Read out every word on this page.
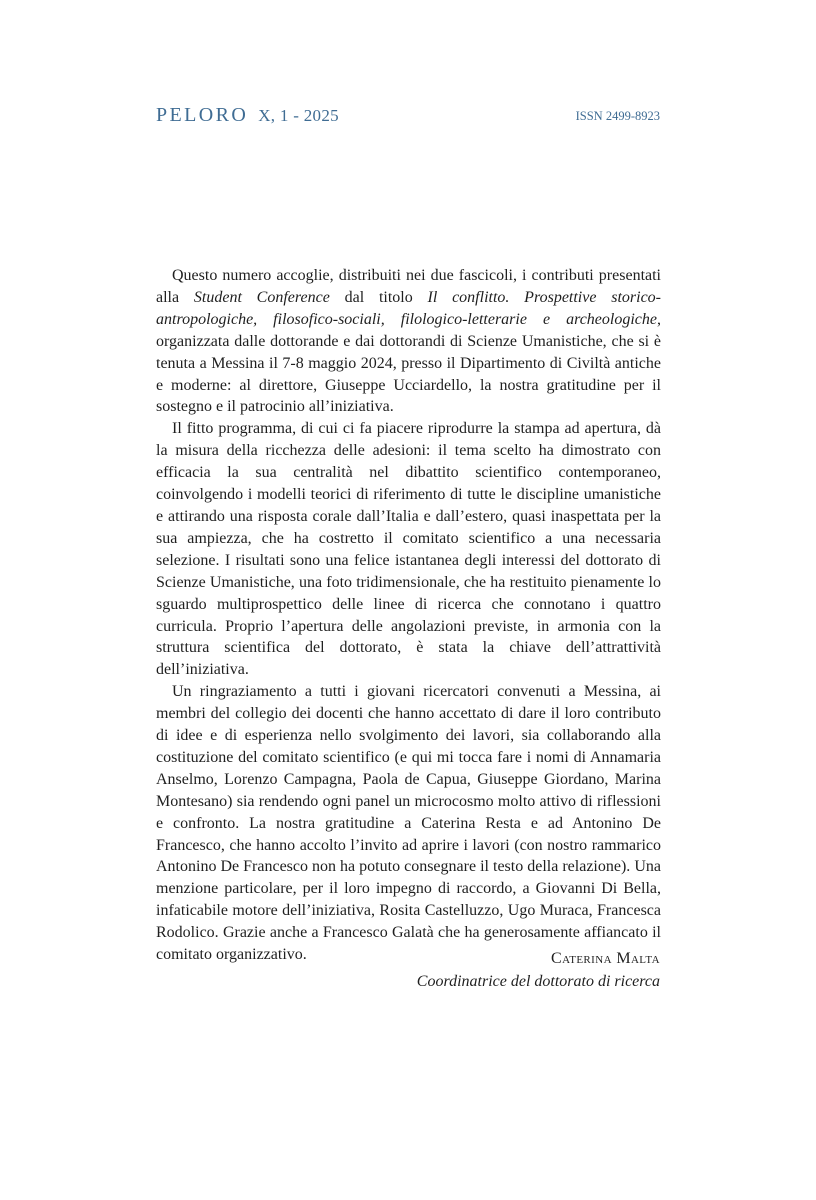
PELORO X, 1 - 2025	ISSN 2499-8923

Questo numero accoglie, distribuiti nei due fascicoli, i contributi presentati alla Student Conference dal titolo Il conflitto. Prospettive storico-antropologiche, filosofico-sociali, filologico-letterarie e archeologiche, organizzata dalle dottorande e dai dottorandi di Scienze Umanistiche, che si è tenuta a Messina il 7-8 maggio 2024, presso il Dipartimento di Civiltà antiche e moderne: al direttore, Giuseppe Ucciardello, la nostra gratitudine per il sostegno e il patrocinio all’iniziativa.

Il fitto programma, di cui ci fa piacere riprodurre la stampa ad apertura, dà la misura della ricchezza delle adesioni: il tema scelto ha dimostrato con efficacia la sua centralità nel dibattito scientifico contemporaneo, coinvolgendo i modelli teorici di riferimento di tutte le discipline umanistiche e attirando una risposta corale dall’Italia e dall’estero, quasi inaspettata per la sua ampiezza, che ha costretto il comitato scientifico a una necessaria selezione. I risultati sono una felice istantanea degli interessi del dottorato di Scienze Umanistiche, una foto tridimensionale, che ha restituito pienamente lo sguardo multiprospettico delle linee di ricerca che connotano i quattro curricula. Proprio l’apertura delle angolazioni previste, in armonia con la struttura scientifica del dottorato, è stata la chiave dell’attrattività dell’iniziativa.

Un ringraziamento a tutti i giovani ricercatori convenuti a Messina, ai membri del collegio dei docenti che hanno accettato di dare il loro contributo di idee e di esperienza nello svolgimento dei lavori, sia collaborando alla costituzione del comitato scientifico (e qui mi tocca fare i nomi di Annamaria Anselmo, Lorenzo Campagna, Paola de Capua, Giuseppe Giordano, Marina Montesano) sia rendendo ogni panel un microcosmo molto attivo di riflessioni e confronto. La nostra gratitudine a Caterina Resta e ad Antonino De Francesco, che hanno accolto l’invito ad aprire i lavori (con nostro rammarico Antonino De Francesco non ha potuto consegnare il testo della relazione). Una menzione particolare, per il loro impegno di raccordo, a Giovanni Di Bella, infaticabile motore dell’iniziativa, Rosita Castelluzzo, Ugo Muraca, Francesca Rodolico. Grazie anche a Francesco Galatà che ha generosamente affiancato il comitato organizzativo.	Caterina Malta
Coordinatrice del dottorato di ricerca
